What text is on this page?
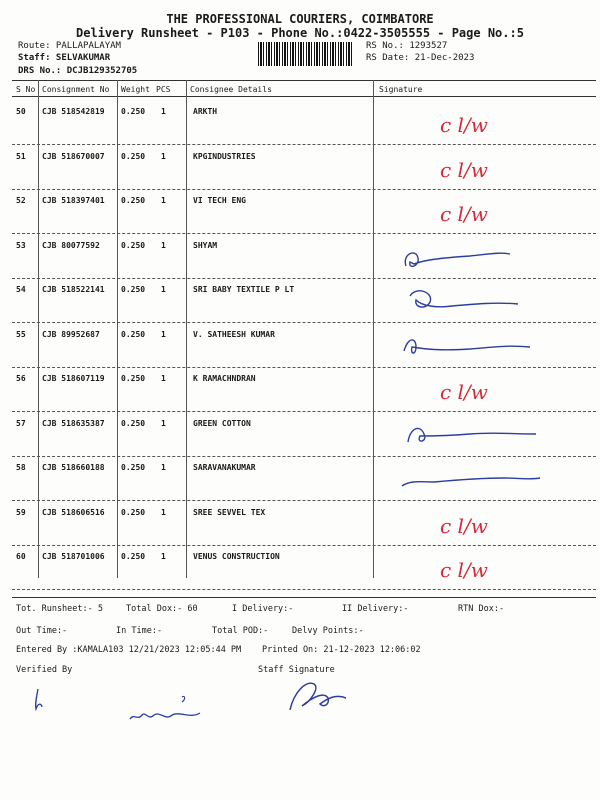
THE PROFESSIONAL COURIERS, COIMBATORE
Delivery Runsheet - P103 - Phone No.:0422-3505555 - Page No.:5
Route: PALLAPALAYAM
Staff: SELVAKUMAR
DRS No.: DCJB129352705
RS No.: 1293527
RS Date: 21-Dec-2023
S No Consignment No Weight PCS Consignee Details	Signature
50 CJB 518542819 0.250 1	ARKTH
c l/w
51 CJB 518670007 0.250 1	KPGINDUSTRIES
c l/w
52 CJB 518397401 0.250 1	VI TECH ENG
c l/w
53 CJB 80077592	0.250 1	SHYAM
54 CJB 518522141 0.250 1	SRI BABY TEXTILE P LT
55 CJB 89952687	0.250 1	V. SATHEESH KUMAR
56 CJB 518607119 0.250 1	K RAMACHNDRAN
c l/w
57 CJB 518635387 0.250 1	GREEN COTTON
58 CJB 518660188 0.250 1	SARAVANAKUMAR
59 CJB 518606516 0.250 1	SREE SEVVEL TEX
c l/w
60 CJB 518701006 0.250 1	VENUS CONSTRUCTION
c l/w
Tot. Runsheet:- 5	Total Dox:- 60	I Delivery:-	II Delivery:-	RTN Dox:-
Out Time:-	In Time:-	Total POD:-	Delvy Points:-
Entered By :KAMALA103 12/21/2023 12:05:44 PM Printed On: 21-12-2023 12:06:02
Verified By	Staff Signature
